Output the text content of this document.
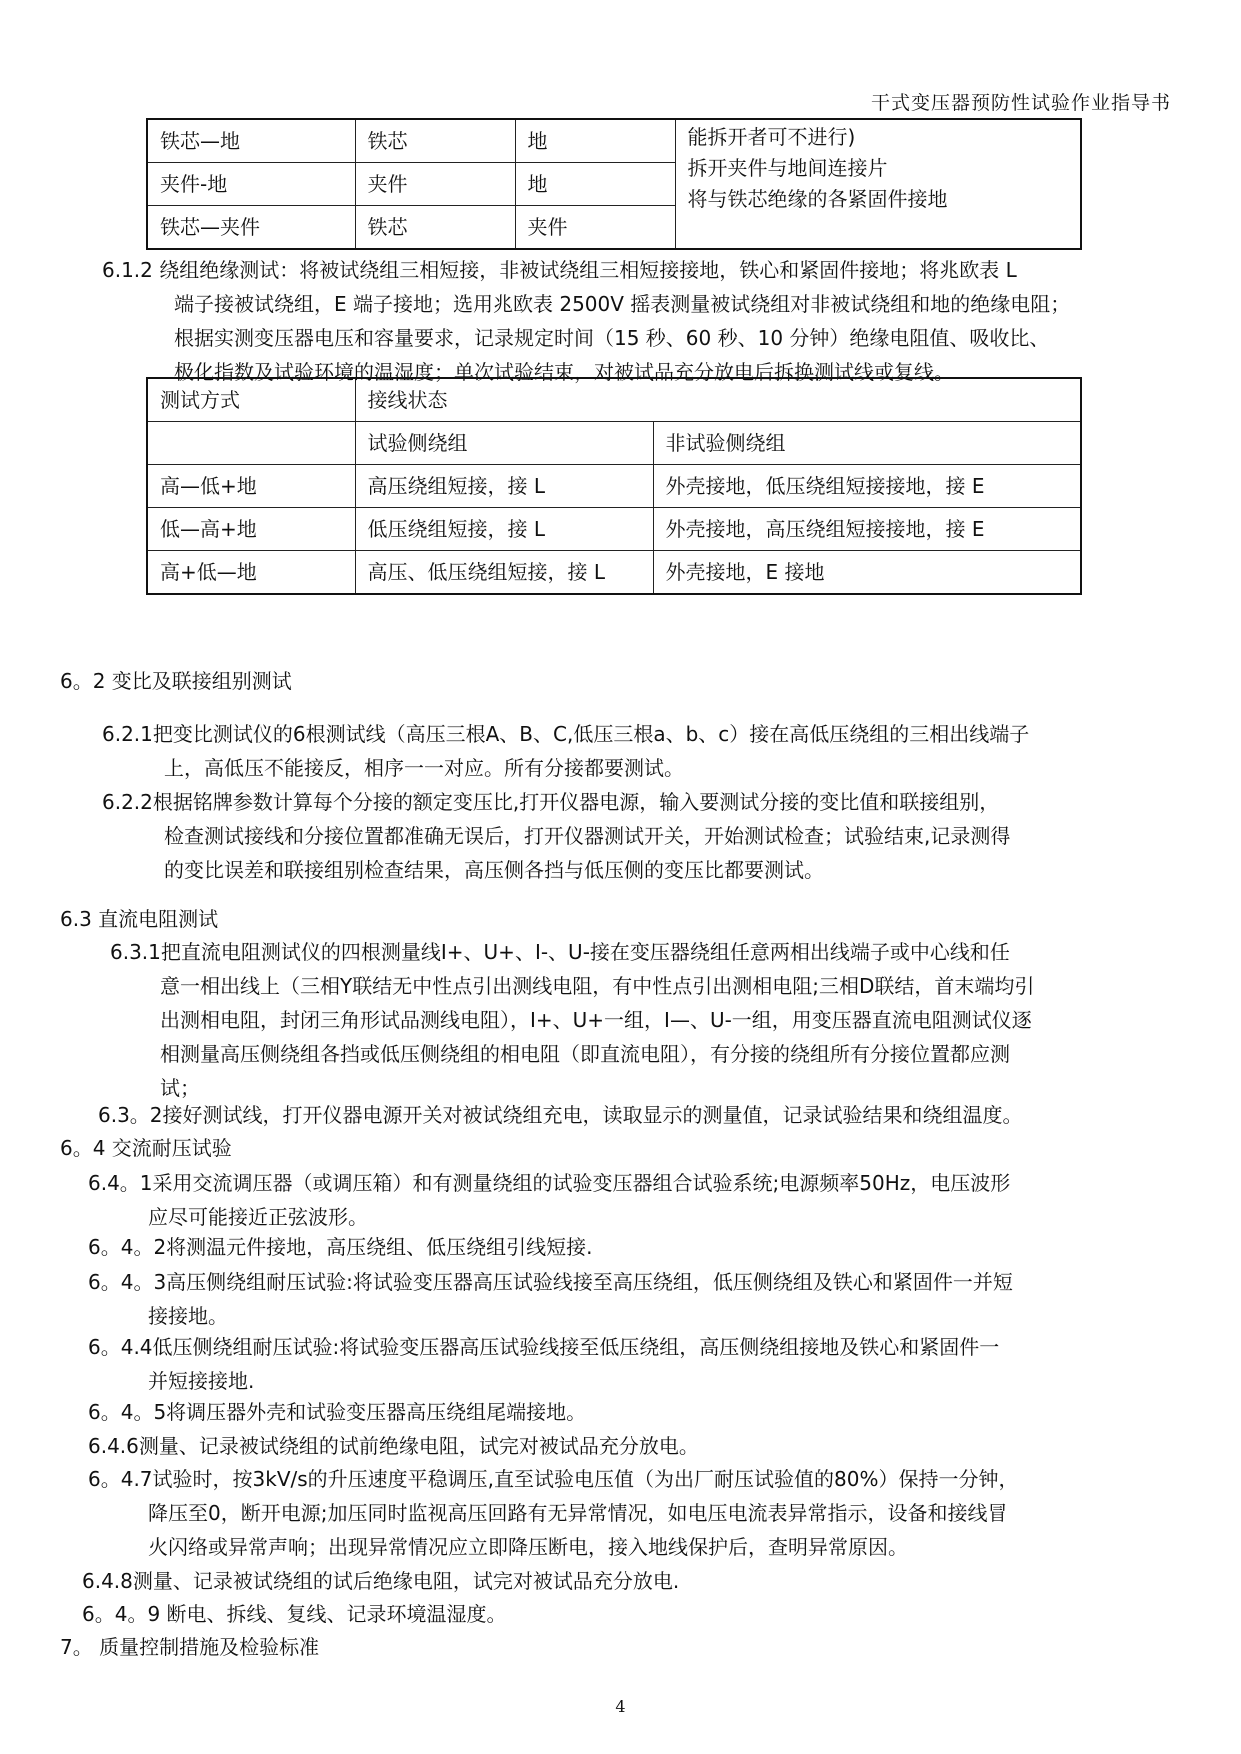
干式变压器预防性试验作业指导书
铁芯—地	铁芯	地	能拆开者可不进行)
拆开夹件与地间连接片
将与铁芯绝缘的各紧固件接地

夹件-地	夹件	地	
铁芯—夹件	铁芯	夹件	
6.1.2 绕组绝缘测试：将被试绕组三相短接，非被试绕组三相短接接地，铁心和紧固件接地；将兆欧表 L
端子接被试绕组，E 端子接地；选用兆欧表 2500V 摇表测量被试绕组对非被试绕组和地的绝缘电阻；
根据实测变压器电压和容量要求，记录规定时间（15 秒、60 秒、10 分钟）绝缘电阻值、吸收比、
极化指数及试验环境的温湿度；单次试验结束，对被试品充分放电后拆换测试线或复线。
测试方式	接线状态	
	试验侧绕组	非试验侧绕组
高—低+地	高压绕组短接，接 L	外壳接地，低压绕组短接接地，接 E
低—高+地	低压绕组短接，接 L	外壳接地，高压绕组短接接地，接 E
高+低—地	高压、低压绕组短接，接 L	外壳接地，E 接地
6。2 变比及联接组别测试
6.2.1把变比测试仪的6根测试线（高压三根A、B、C,低压三根a、b、c）接在高低压绕组的三相出线端子
上，高低压不能接反，相序一一对应。所有分接都要测试。
6.2.2根据铭牌参数计算每个分接的额定变压比,打开仪器电源，输入要测试分接的变比值和联接组别，
检查测试接线和分接位置都准确无误后，打开仪器测试开关，开始测试检查；试验结束,记录测得
的变比误差和联接组别检查结果，高压侧各挡与低压侧的变压比都要测试。
6.3 直流电阻测试
6.3.1把直流电阻测试仪的四根测量线I+、U+、I-、U-接在变压器绕组任意两相出线端子或中心线和任
意一相出线上（三相Y联结无中性点引出测线电阻，有中性点引出测相电阻;三相D联结，首末端均引
出测相电阻，封闭三角形试品测线电阻），I+、U+一组，I—、U-一组，用变压器直流电阻测试仪逐
相测量高压侧绕组各挡或低压侧绕组的相电阻（即直流电阻），有分接的绕组所有分接位置都应测
试；
6.3。2接好测试线，打开仪器电源开关对被试绕组充电，读取显示的测量值，记录试验结果和绕组温度。
6。4 交流耐压试验
6.4。1采用交流调压器（或调压箱）和有测量绕组的试验变压器组合试验系统;电源频率50Hz，电压波形
应尽可能接近正弦波形。
6。4。2将测温元件接地，高压绕组、低压绕组引线短接.
6。4。3高压侧绕组耐压试验:将试验变压器高压试验线接至高压绕组，低压侧绕组及铁心和紧固件一并短
接接地。
6。4.4低压侧绕组耐压试验:将试验变压器高压试验线接至低压绕组，高压侧绕组接地及铁心和紧固件一
并短接接地.
6。4。5将调压器外壳和试验变压器高压绕组尾端接地。
6.4.6测量、记录被试绕组的试前绝缘电阻，试完对被试品充分放电。
6。4.7试验时，按3kV/s的升压速度平稳调压,直至试验电压值（为出厂耐压试验值的80%）保持一分钟，
降压至0，断开电源;加压同时监视高压回路有无异常情况，如电压电流表异常指示，设备和接线冒
火闪络或异常声响；出现异常情况应立即降压断电，接入地线保护后，查明异常原因。
6.4.8测量、记录被试绕组的试后绝缘电阻，试完对被试品充分放电.
6。4。9 断电、拆线、复线、记录环境温湿度。
7。 质量控制措施及检验标准
4
